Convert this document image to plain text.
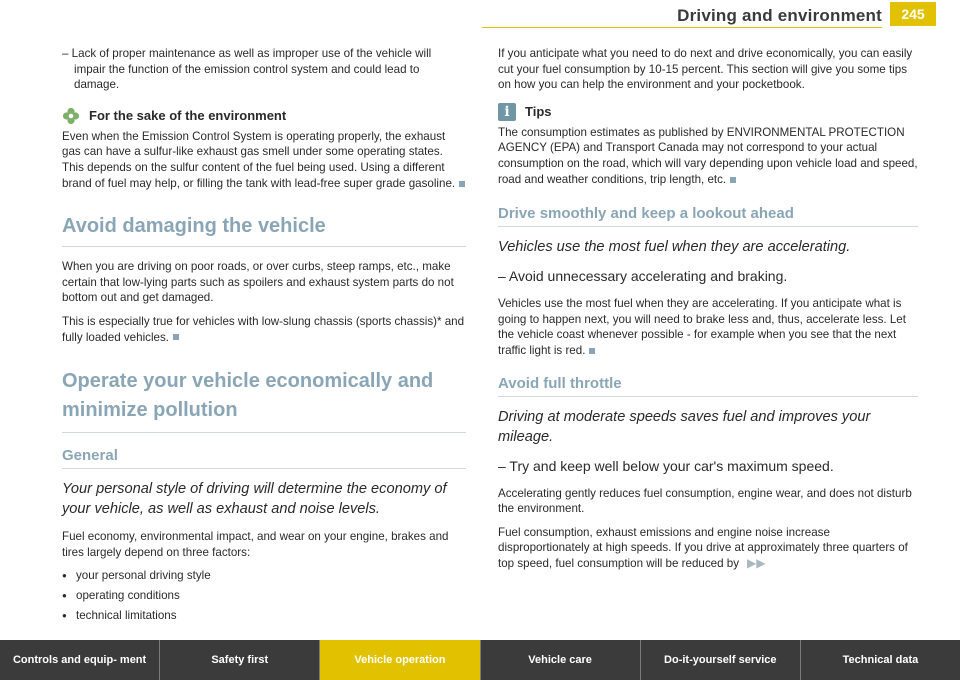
Driving and environment	245

– Lack of proper maintenance as well as improper use of the vehicle will impair the function of the emission control system and could lead to damage.

For the sake of the environment

Even when the Emission Control System is operating properly, the exhaust gas can have a sulfur-like exhaust gas smell under some operating states. This depends on the sulfur content of the fuel being used. Using a different brand of fuel may help, or filling the tank with lead-free super grade gasoline.

Avoid damaging the vehicle

When you are driving on poor roads, or over curbs, steep ramps, etc., make certain that low-lying parts such as spoilers and exhaust system parts do not bottom out and get damaged.

This is especially true for vehicles with low-slung chassis (sports chassis)* and fully loaded vehicles.

Operate your vehicle economically and minimize pollution
General

Your personal style of driving will determine the economy of your vehicle, as well as exhaust and noise levels.

Fuel economy, environmental impact, and wear on your engine, brakes and tires largely depend on three factors:

● your personal driving style
● operating conditions
● technical limitations

If you anticipate what you need to do next and drive economically, you can easily cut your fuel consumption by 10-15 percent. This section will give you some tips on how you can help the environment and your pocketbook.

i	Tips

The consumption estimates as published by ENVIRONMENTAL PROTECTION AGENCY (EPA) and Transport Canada may not correspond to your actual consumption on the road, which will vary depending upon vehicle load and speed, road and weather conditions, trip length, etc.

Drive smoothly and keep a lookout ahead

Vehicles use the most fuel when they are accelerating.

– Avoid unnecessary accelerating and braking.

Vehicles use the most fuel when they are accelerating. If you anticipate what is going to happen next, you will need to brake less and, thus, accelerate less. Let the vehicle coast whenever possible - for example when you see that the next traffic light is red.

Avoid full throttle

Driving at moderate speeds saves fuel and improves your mileage.

– Try and keep well below your car's maximum speed.

Accelerating gently reduces fuel consumption, engine wear, and does not disturb the environment.

Fuel consumption, exhaust emissions and engine noise increase disproportionately at high speeds. If you drive at approximately three quarters of top speed, fuel consumption will be reduced by ▶▶

Controls and equip- ment	Safety first	Vehicle operation	Vehicle care	Do-it-yourself service	Technical data
